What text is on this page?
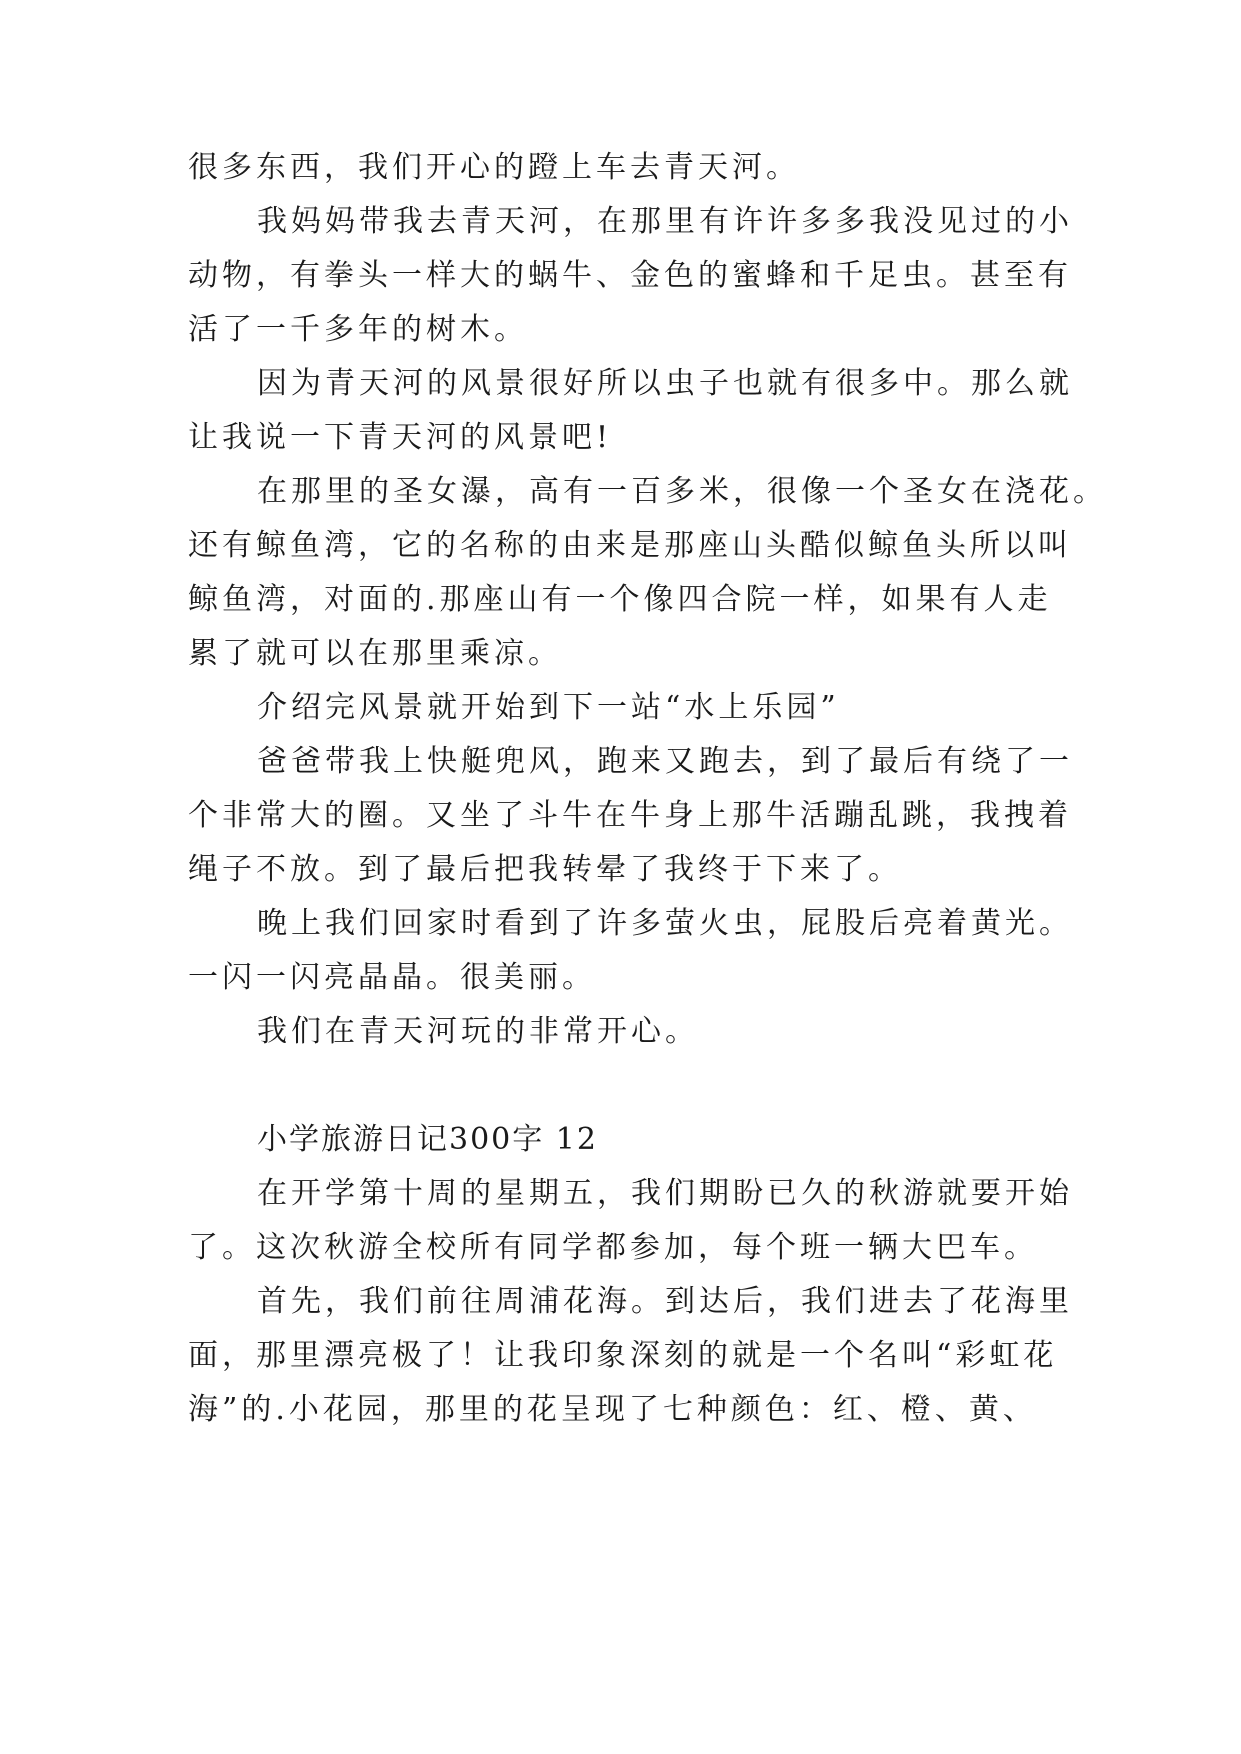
很多东西，我们开心的蹬上车去青天河。
我妈妈带我去青天河，在那里有许许多多我没见过的小
动物，有拳头一样大的蜗牛、金色的蜜蜂和千足虫。甚至有
活了一千多年的树木。
因为青天河的风景很好所以虫子也就有很多中。那么就
让我说一下青天河的风景吧!
在那里的圣女瀑，高有一百多米，很像一个圣女在浇花。
还有鲸鱼湾，它的名称的由来是那座山头酷似鲸鱼头所以叫
鲸鱼湾，对面的.那座山有一个像四合院一样，如果有人走
累了就可以在那里乘凉。
介绍完风景就开始到下一站“水上乐园”
爸爸带我上快艇兜风，跑来又跑去，到了最后有绕了一
个非常大的圈。又坐了斗牛在牛身上那牛活蹦乱跳，我拽着
绳子不放。到了最后把我转晕了我终于下来了。
晚上我们回家时看到了许多萤火虫，屁股后亮着黄光。
一闪一闪亮晶晶。很美丽。
我们在青天河玩的非常开心。
小学旅游日记300字 12
在开学第十周的星期五，我们期盼已久的秋游就要开始
了。这次秋游全校所有同学都参加，每个班一辆大巴车。
首先，我们前往周浦花海。到达后，我们进去了花海里
面，那里漂亮极了！让我印象深刻的就是一个名叫“彩虹花
海”的.小花园，那里的花呈现了七种颜色：红、橙、黄、
